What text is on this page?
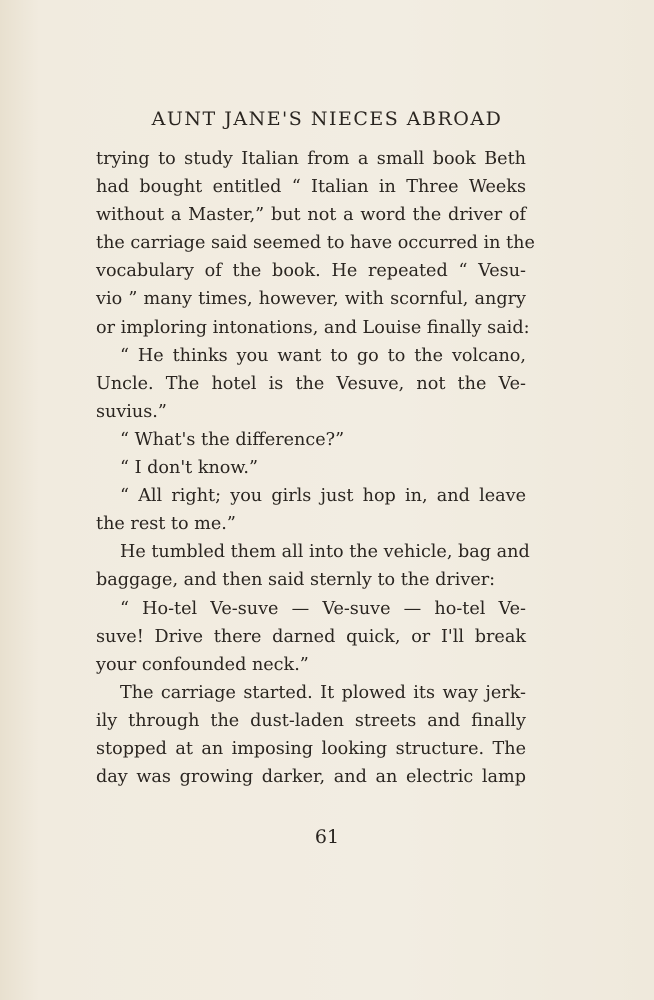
AUNT JANE'S NIECES ABROAD
trying to study Italian from a small book Beth
had bought entitled “ Italian in Three Weeks
without a Master,” but not a word the driver of
the carriage said seemed to have occurred in the
vocabulary of the book. He repeated “ Vesu-
vio ” many times, however, with scornful, angry
or imploring intonations, and Louise finally said:
“ He thinks you want to go to the volcano,
Uncle. The hotel is the Vesuve, not the Ve-
suvius.”
“ What's the difference?”
“ I don't know.”
“ All right; you girls just hop in, and leave
the rest to me.”
He tumbled them all into the vehicle, bag and
baggage, and then said sternly to the driver:
“ Ho-tel Ve-suve — Ve-suve — ho-tel Ve-
suve! Drive there darned quick, or I'll break
your confounded neck.”
The carriage started. It plowed its way jerk-
ily through the dust-laden streets and finally
stopped at an imposing looking structure. The
day was growing darker, and an electric lamp
61
